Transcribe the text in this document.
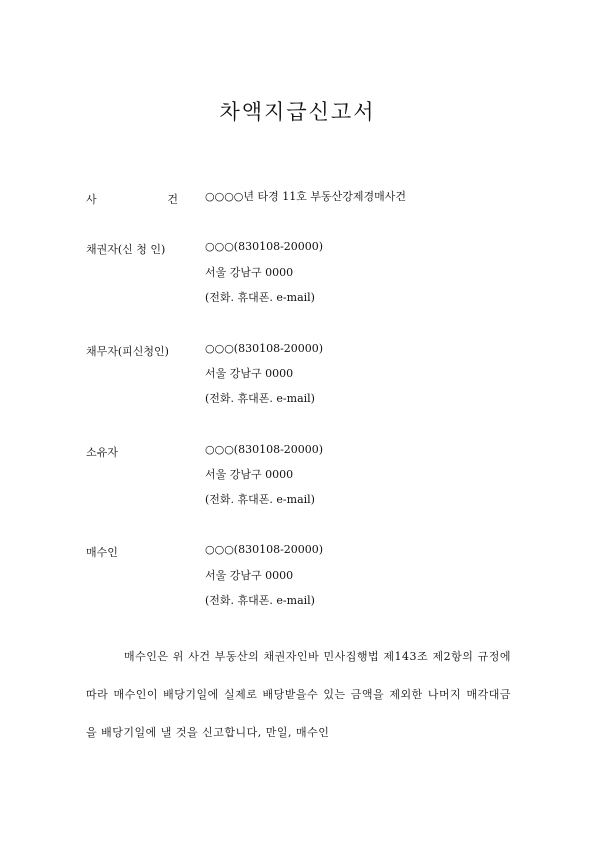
차액지급신고서
사	건 ○○○○년 타경 11호 부동산강제경매사건
채권자(신 청 인)	○○○(830108-20000)
서울 강남구 0000
(전화. 휴대폰. e-mail)
채무자(피신청인)	○○○(830108-20000)
서울 강남구 0000
(전화. 휴대폰. e-mail)
소유자	○○○(830108-20000)
서울 강남구 0000
(전화. 휴대폰. e-mail)
매수인	○○○(830108-20000)
서울 강남구 0000
(전화. 휴대폰. e-mail)
매수인은 위 사건 부동산의 채권자인바 민사집행법 제143조 제2항의 규정에 따라 매수인이 배당기일에 실제로 배당받을수 있는 금액을 제외한 나머지 매각대금을 배당기일에 낼 것을 신고합니다, 만일, 매수인
